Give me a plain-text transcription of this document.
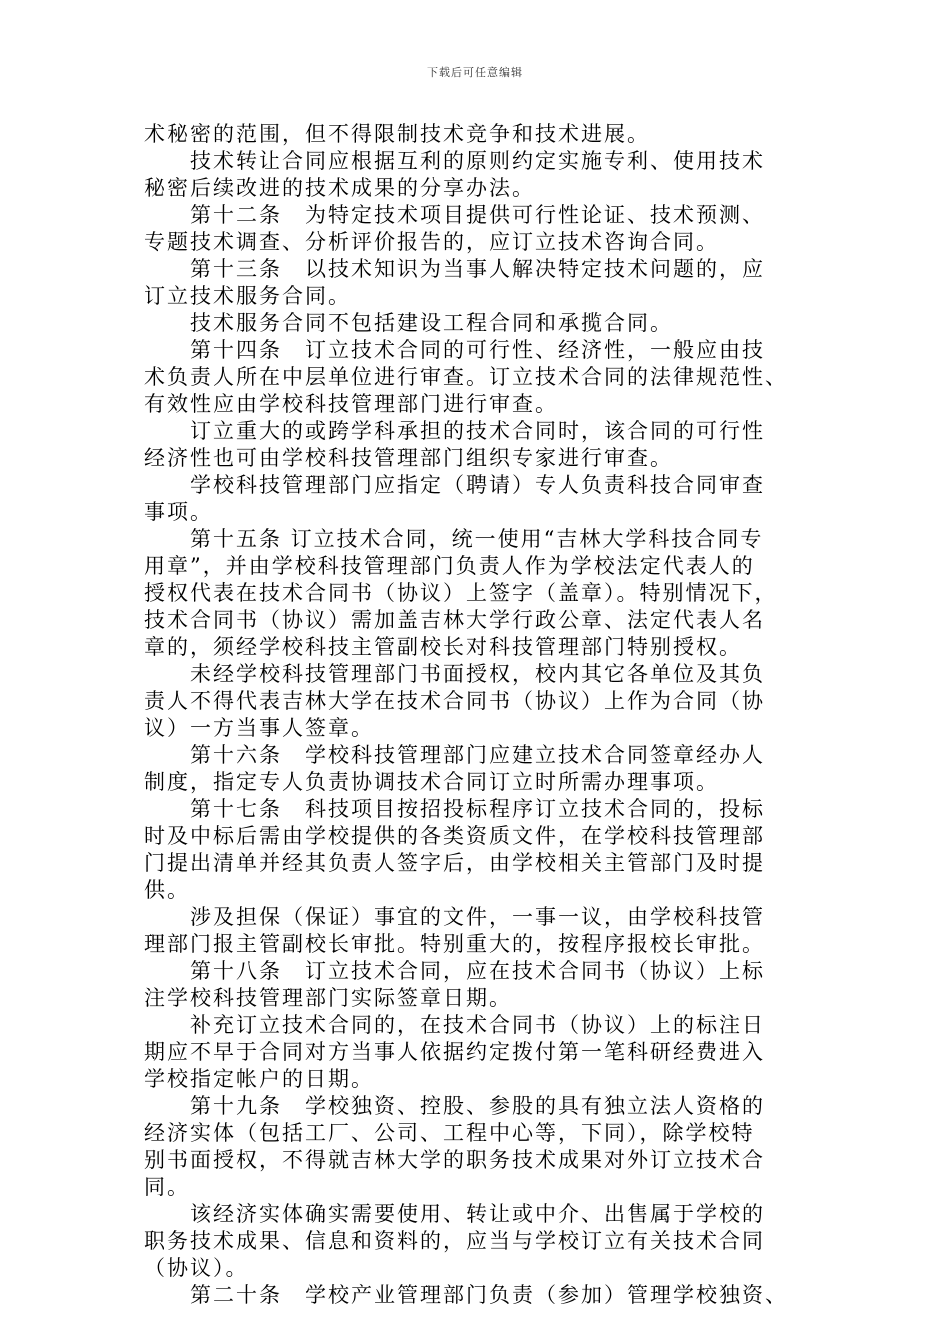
下载后可任意编辑
术秘密的范围，但不得限制技术竞争和技术进展。
技术转让合同应根据互利的原则约定实施专利、使用技术
秘密后续改进的技术成果的分享办法。
第十二条　为特定技术项目提供可行性论证、技术预测、
专题技术调查、分析评价报告的，应订立技术咨询合同。
第十三条　以技术知识为当事人解决特定技术问题的，应
订立技术服务合同。
技术服务合同不包括建设工程合同和承揽合同。
第十四条　订立技术合同的可行性、经济性，一般应由技
术负责人所在中层单位进行审查。订立技术合同的法律规范性、
有效性应由学校科技管理部门进行审查。
订立重大的或跨学科承担的技术合同时，该合同的可行性
经济性也可由学校科技管理部门组织专家进行审查。
学校科技管理部门应指定（聘请）专人负责科技合同审查
事项。
第十五条 订立技术合同，统一使用“吉林大学科技合同专
用章”，并由学校科技管理部门负责人作为学校法定代表人的
授权代表在技术合同书（协议）上签字（盖章）。特别情况下，
技术合同书（协议）需加盖吉林大学行政公章、法定代表人名
章的，须经学校科技主管副校长对科技管理部门特别授权。
未经学校科技管理部门书面授权，校内其它各单位及其负
责人不得代表吉林大学在技术合同书（协议）上作为合同（协
议）一方当事人签章。
第十六条　学校科技管理部门应建立技术合同签章经办人
制度，指定专人负责协调技术合同订立时所需办理事项。
第十七条　科技项目按招投标程序订立技术合同的，投标
时及中标后需由学校提供的各类资质文件，在学校科技管理部
门提出清单并经其负责人签字后，由学校相关主管部门及时提
供。
涉及担保（保证）事宜的文件，一事一议，由学校科技管
理部门报主管副校长审批。特别重大的，按程序报校长审批。
第十八条　订立技术合同，应在技术合同书（协议）上标
注学校科技管理部门实际签章日期。
补充订立技术合同的，在技术合同书（协议）上的标注日
期应不早于合同对方当事人依据约定拨付第一笔科研经费进入
学校指定帐户的日期。
第十九条　学校独资、控股、参股的具有独立法人资格的
经济实体（包括工厂、公司、工程中心等，下同），除学校特
别书面授权，不得就吉林大学的职务技术成果对外订立技术合
同。
该经济实体确实需要使用、转让或中介、出售属于学校的
职务技术成果、信息和资料的，应当与学校订立有关技术合同
（协议）。
第二十条　学校产业管理部门负责（参加）管理学校独资、
